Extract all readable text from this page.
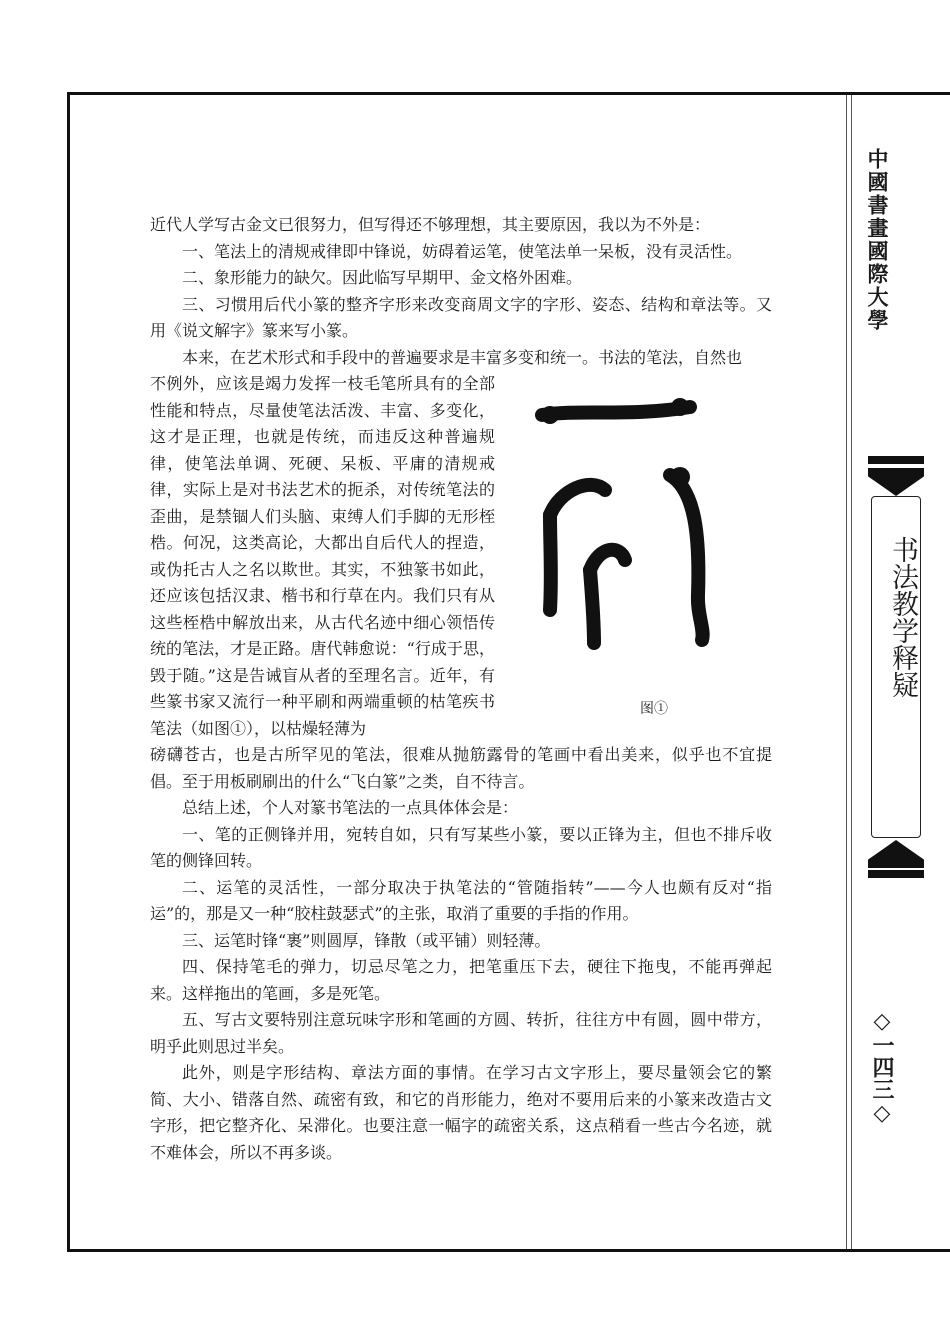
中國書畫國際大學
书法教学释疑
◇一四三◇

近代人学写古金文已很努力，但写得还不够理想，其主要原因，我以为不外是：

一、笔法上的清规戒律即中锋说，妨碍着运笔，使笔法单一呆板，没有灵活性。

二、象形能力的缺欠。因此临写早期甲、金文格外困难。

三、习惯用后代小篆的整齐字形来改变商周文字的字形、姿态、结构和章法等。又用《说文解字》篆来写小篆。

本来，在艺术形式和手段中的普遍要求是丰富多变和统一。书法的笔法，自然也

不例外，应该是竭力发挥一枝毛笔所具有的全部性能和特点，尽量使笔法活泼、丰富、多变化，这才是正理，也就是传统，而违反这种普遍规律，使笔法单调、死硬、呆板、平庸的清规戒律，实际上是对书法艺术的扼杀，对传统笔法的歪曲，是禁锢人们头脑、束缚人们手脚的无形桎梏。何况，这类高论，大都出自后代人的捏造，或伪托古人之名以欺世。其实，不独篆书如此，还应该包括汉隶、楷书和行草在内。我们只有从这些桎梏中解放出来，从古代名迹中细心领悟传统的笔法，才是正路。唐代韩愈说：“行成于思，毁于随。”这是告诫盲从者的至理名言。近年，有些篆书家又流行一种平刷和两端重顿的枯笔疾书笔法（如图①），以枯燥轻薄为

磅礴苍古，也是古所罕见的笔法，很难从抛筋露骨的笔画中看出美来，似乎也不宜提倡。至于用板刷刷出的什么“飞白篆”之类，自不待言。

总结上述，个人对篆书笔法的一点具体体会是：

一、笔的正侧锋并用，宛转自如，只有写某些小篆，要以正锋为主，但也不排斥收笔的侧锋回转。

二、运笔的灵活性，一部分取决于执笔法的“管随指转”——今人也颇有反对“指运”的，那是又一种“胶柱鼓瑟式”的主张，取消了重要的手指的作用。

三、运笔时锋“裹”则圆厚，锋散（或平铺）则轻薄。

四、保持笔毛的弹力，切忌尽笔之力，把笔重压下去，硬往下拖曳，不能再弹起来。这样拖出的笔画，多是死笔。

五、写古文要特别注意玩味字形和笔画的方圆、转折，往往方中有圆，圆中带方，明乎此则思过半矣。

此外，则是字形结构、章法方面的事情。在学习古文字形上，要尽量领会它的繁简、大小、错落自然、疏密有致，和它的肖形能力，绝对不要用后来的小篆来改造古文字形，把它整齐化、呆滞化。也要注意一幅字的疏密关系，这点稍看一些古今名迹，就不难体会，所以不再多谈。

图①
